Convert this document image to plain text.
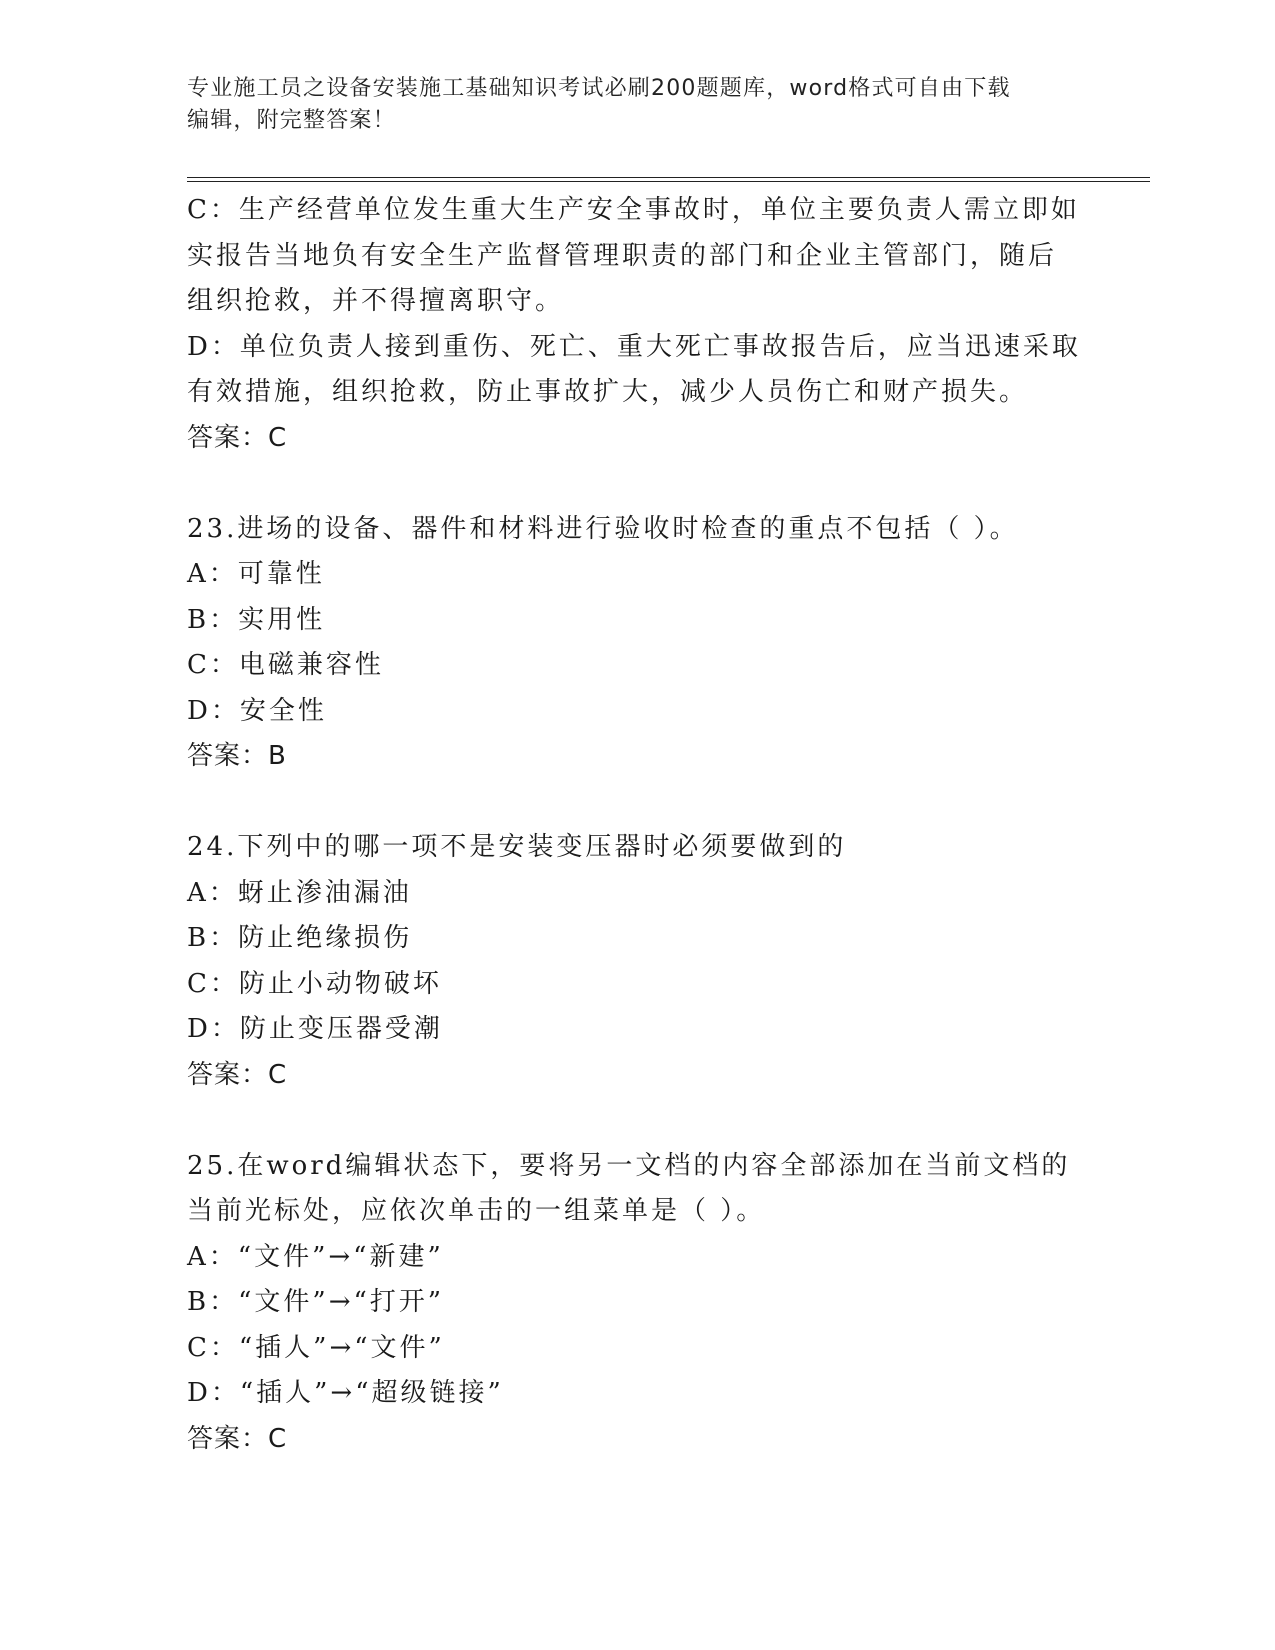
专业施工员之设备安装施工基础知识考试必刷200题题库，word格式可自由下载
编辑，附完整答案！
C：生产经营单位发生重大生产安全事故时，单位主要负责人需立即如
实报告当地负有安全生产监督管理职责的部门和企业主管部门，随后
组织抢救，并不得擅离职守。
D：单位负责人接到重伤、死亡、重大死亡事故报告后，应当迅速采取
有效措施，组织抢救，防止事故扩大，减少人员伤亡和财产损失。
答案：C
23.进场的设备、器件和材料进行验收时检查的重点不包括（ ）。
A：可靠性
B：实用性
C：电磁兼容性
D：安全性
答案：B
24.下列中的哪一项不是安装变压器时必须要做到的
A：蚜止渗油漏油
B：防止绝缘损伤
C：防止小动物破坏
D：防止变压器受潮
答案：C
25.在word编辑状态下，要将另一文档的内容全部添加在当前文档的
当前光标处，应依次单击的一组菜单是（ ）。
A：“文件”→“新建”
B：“文件”→“打开”
C：“插人”→“文件”
D：“插人”→“超级链接”
答案：C
